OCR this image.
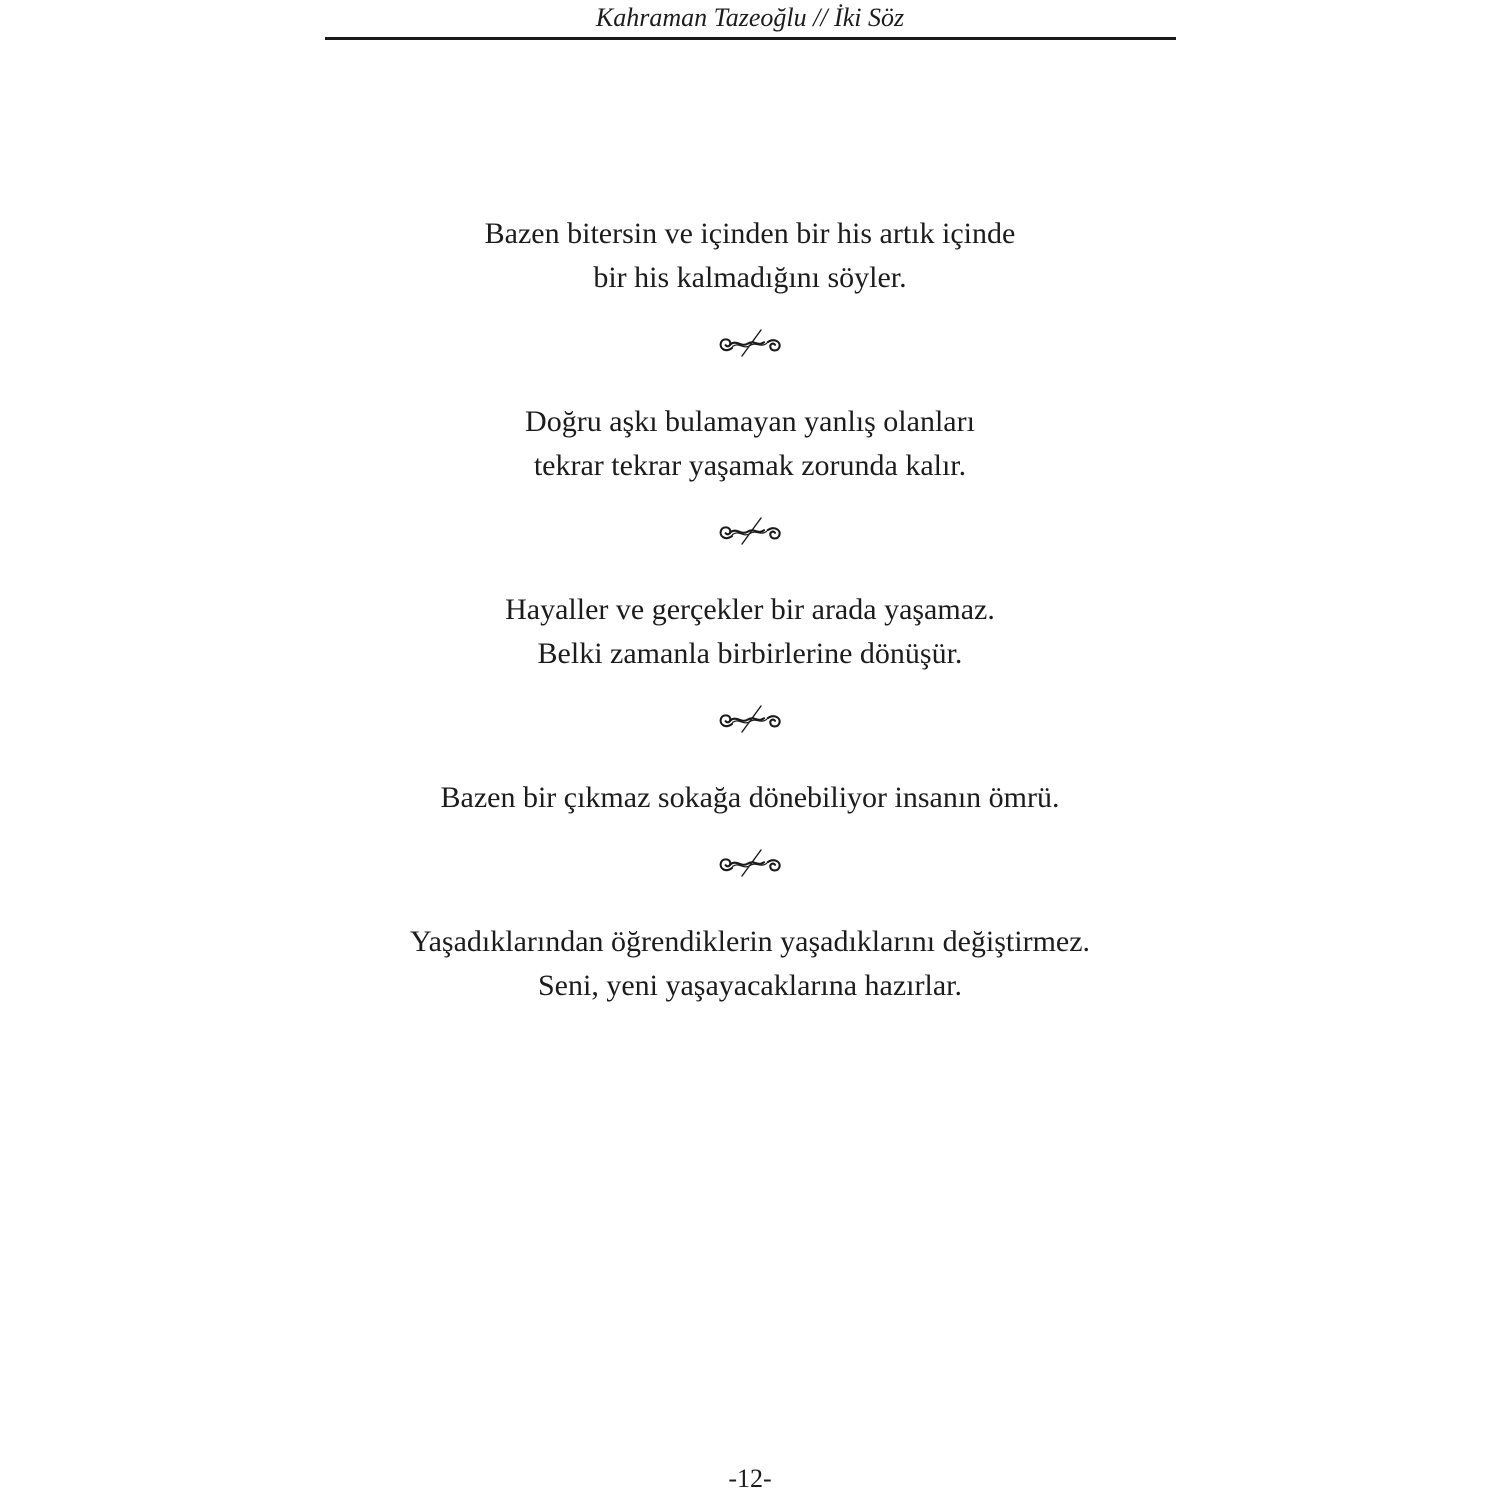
Kahraman Tazeoğlu // İki Söz

Bazen bitersin ve içinden bir his artık içinde
bir his kalmadığını söyler.

Doğru aşkı bulamayan yanlış olanları
tekrar tekrar yaşamak zorunda kalır.

Hayaller ve gerçekler bir arada yaşamaz.
Belki zamanla birbirlerine dönüşür.

Bazen bir çıkmaz sokağa dönebiliyor insanın ömrü.

Yaşadıklarından öğrendiklerin yaşadıklarını değiştirmez.
Seni, yeni yaşayacaklarına hazırlar.

-12-
